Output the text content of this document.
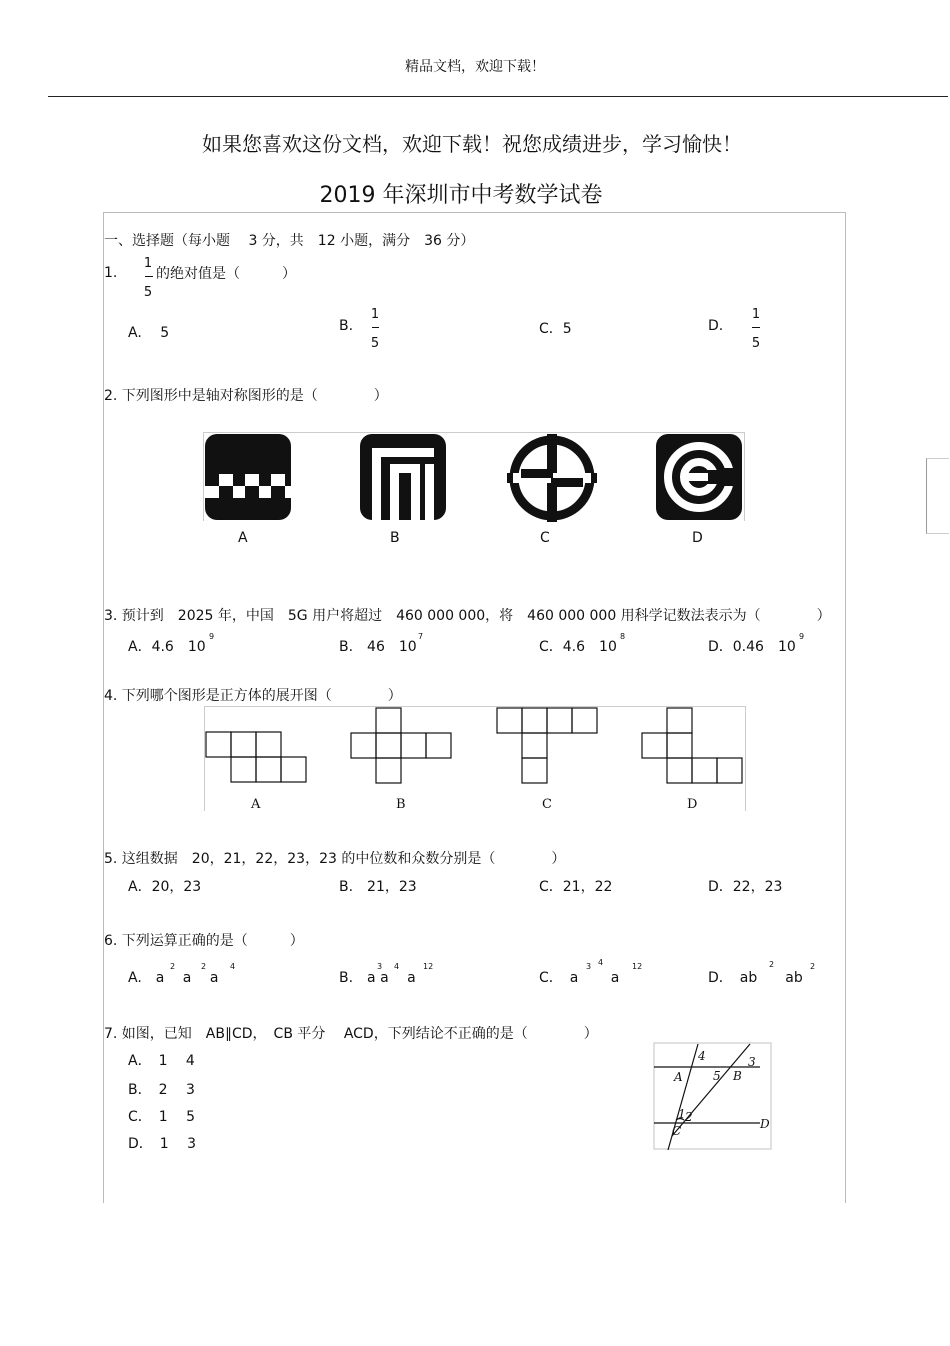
精品文档，欢迎下载！
如果您喜欢这份文档，欢迎下载！祝您成绩进步，学习愉快！
2019 年深圳市中考数学试卷
一、选择题（每小题　 3 分，共　12 小题，满分　36 分）
1.
1
5
的绝对值是（　　　）
A.　 5	B.
1
5
C．5	D.
1
5
2. 下列图形中是轴对称图形的是（　　　　）
A	B	C	D
3. 预计到　2025 年，中国　5G 用户将超过　460 000 000，将　460 000 000 用科学记数法表示为（　　　　）
A．4.6　10
9
B.　46　10
7
C．4.6　10
8
D．0.46　10
9
4. 下列哪个图形是正方体的展开图（　　　　）
A	B	C	D
5. 这组数据　20，21，22，23，23 的中位数和众数分别是（　　　　）
A．20，23	B.　21，23	C．21，22	D．22，23
6. 下列运算正确的是（　　　）
A.　a　 a　 a
2	2	4
B.　a a　 a
3 4	12
C．　a　　 a
3 4	12
D．　ab　　ab
2	2
7. 如图，已知　AB∥CD，　CB 平分　 ACD，下列结论不正确的是（　　　　）
A．　1　 4
B．　2　 3
C．　1　 5
D．　1　 3
4
A	5 B
3
1 2
C	D
